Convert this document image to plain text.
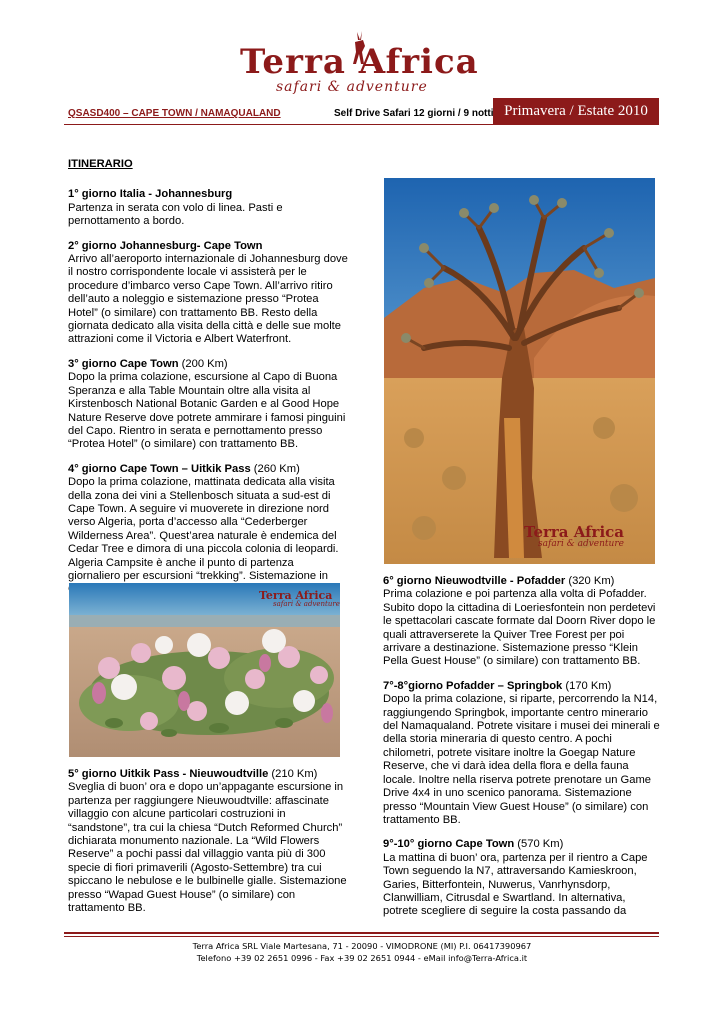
Terra Africa
safari & adventure
QSASD400 – CAPE TOWN / NAMAQUALAND	Self Drive Safari 12 giorni / 9 notti Primavera / Estate 2010
ITINERARIO

1° giorno Italia - Johannesburg
Partenza in serata con volo di linea. Pasti e pernottamento a bordo.

2° giorno Johannesburg- Cape Town
Arrivo all’aeroporto internazionale di Johannesburg dove il nostro corrispondente locale vi assisterà per le procedure d’imbarco verso Cape Town. All’arrivo ritiro dell’auto a noleggio e sistemazione presso “Protea Hotel” (o similare) con trattamento BB. Resto della giornata dedicato alla visita della città e delle sue molte attrazioni come il Victoria e Albert Waterfront.

3° giorno Cape Town (200 Km)
Dopo la prima colazione, escursione al Capo di Buona Speranza e alla Table Mountain oltre alla visita al Kirstenbosch National Botanic Garden e al Good Hope Nature Reserve dove potrete ammirare i famosi pinguini del Capo. Rientro in serata e pernottamento presso “Protea Hotel” (o similare) con trattamento BB.

4° giorno Cape Town – Uitkik Pass (260 Km)
Dopo la prima colazione, mattinata dedicata alla visita della zona dei vini a Stellenbosch situata a sud-est di Cape Town. A seguire vi muoverete in direzione nord verso Algeria, porta d’accesso alla “Cederberger Wilderness Area”. Quest’area naturale è endemica del Cedar Tree e dimora di una piccola colonia di leopardi. Algeria Campsite è anche il punto di partenza giornaliero per escursioni “trekking”. Sistemazione in

Terra Africa
safari & adventure

5° giorno Uitkik Pass - Nieuwoudtville (210 Km)
Sveglia di buon’ ora e dopo un’appagante escursione in partenza per raggiungere Nieuwoudtville: affascinate villaggio con alcune particolari costruzioni in “sandstone”, tra cui la chiesa “Dutch Reformed Church” dichiarata monumento nazionale. La “Wild Flowers Reserve” a pochi passi dal villaggio vanta più di 300 specie di fiori primaverili (Agosto-Settembre) tra cui spiccano le nebulose e le bulbinelle gialle. Sistemazione presso “Wapad Guest House” (o similare) con trattamento BB.

Terra Africa
safari & adventure

6° giorno Nieuwodtville - Pofadder (320 Km)
Prima colazione e poi partenza alla volta di Pofadder. Subito dopo la cittadina di Loeriesfontein non perdetevi le spettacolari cascate formate dal Doorn River dopo le quali attraverserete la Quiver Tree Forest per poi arrivare a destinazione. Sistemazione presso “Klein Pella Guest House” (o similare) con trattamento BB.

7°-8°giorno Pofadder – Springbok (170 Km)
Dopo la prima colazione, si riparte, percorrendo la N14, raggiungendo Springbok, importante centro minerario del Namaqualand. Potrete visitare i musei dei minerali e della storia mineraria di questo centro. A pochi chilometri, potrete visitare inoltre la Goegap Nature Reserve, che vi darà idea della flora e della fauna locale. Inoltre nella riserva potrete prenotare un Game Drive 4x4 in uno scenico panorama. Sistemazione presso “Mountain View Guest House” (o similare) con trattamento BB.

9°-10° giorno Cape Town (570 Km)
La mattina di buon’ ora, partenza per il rientro a Cape Town seguendo la N7, attraversando Kamieskroon, Garies, Bitterfontein, Nuwerus, Vanrhynsdorp, Clanwilliam, Citrusdal e Swartland. In alternativa, potrete scegliere di seguire la costa passando da

Terra Africa SRL Viale Martesana, 71 - 20090 - VIMODRONE (MI) P.I. 06417390967
Telefono +39 02 2651 0996 - Fax +39 02 2651 0944 - eMail info@Terra-Africa.it
